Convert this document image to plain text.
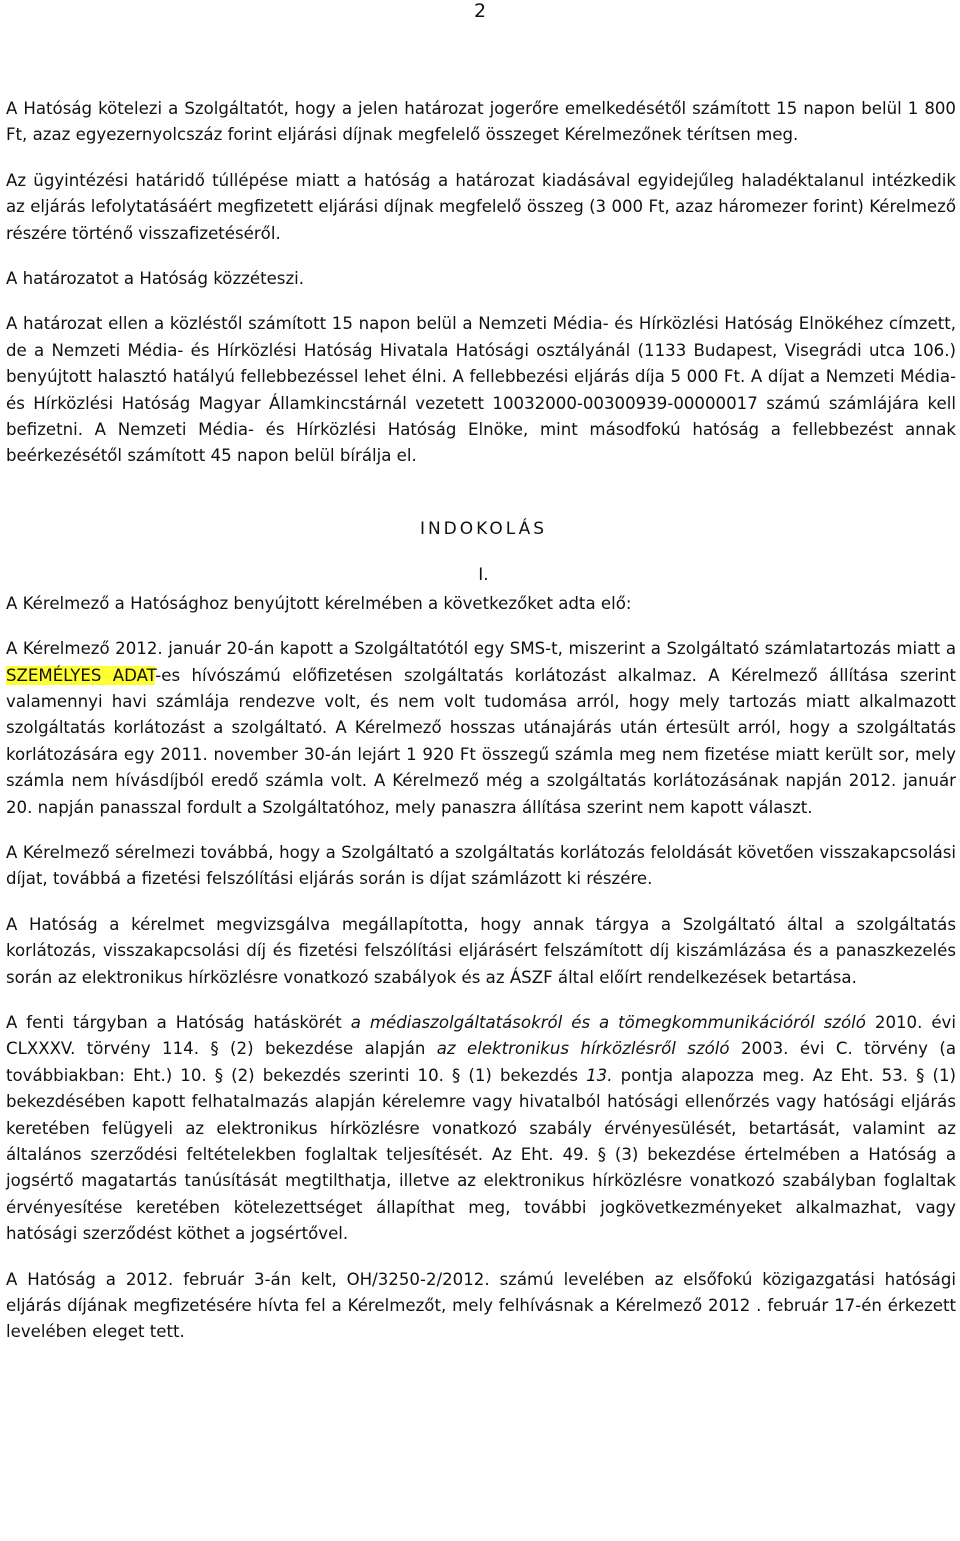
2

A Hatóság kötelezi a Szolgáltatót, hogy a jelen határozat jogerőre emelkedésétől számított 15 napon belül 1 800 Ft, azaz egyezernyolcszáz forint eljárási díjnak megfelelő összeget Kérelmezőnek térítsen meg.

Az ügyintézési határidő túllépése miatt a hatóság a határozat kiadásával egyidejűleg haladéktalanul intézkedik az eljárás lefolytatásáért megfizetett eljárási díjnak megfelelő összeg (3 000 Ft, azaz háromezer forint) Kérelmező részére történő visszafizetéséről.

A határozatot a Hatóság közzéteszi.

A határozat ellen a közléstől számított 15 napon belül a Nemzeti Média- és Hírközlési Hatóság Elnökéhez címzett, de a Nemzeti Média- és Hírközlési Hatóság Hivatala Hatósági osztályánál (1133 Budapest, Visegrádi utca 106.) benyújtott halasztó hatályú fellebbezéssel lehet élni. A fellebbezési eljárás díja 5 000 Ft. A díjat a Nemzeti Média- és Hírközlési Hatóság Magyar Államkincstárnál vezetett 10032000-00300939-00000017 számú számlájára kell befizetni. A Nemzeti Média- és Hírközlési Hatóság Elnöke, mint másodfokú hatóság a fellebbezést annak beérkezésétől számított 45 napon belül bírálja el.

INDOKOLÁS
I.

A Kérelmező a Hatósághoz benyújtott kérelmében a következőket adta elő:

A Kérelmező 2012. január 20-án kapott a Szolgáltatótól egy SMS-t, miszerint a Szolgáltató számlatartozás miatt a SZEMÉLYES ADAT-es hívószámú előfizetésen szolgáltatás korlátozást alkalmaz. A Kérelmező állítása szerint valamennyi havi számlája rendezve volt, és nem volt tudomása arról, hogy mely tartozás miatt alkalmazott szolgáltatás korlátozást a szolgáltató. A Kérelmező hosszas utánajárás után értesült arról, hogy a szolgáltatás korlátozására egy 2011. november 30-án lejárt 1 920 Ft összegű számla meg nem fizetése miatt került sor, mely számla nem hívásdíjból eredő számla volt. A Kérelmező még a szolgáltatás korlátozásának napján 2012. január 20. napján panasszal fordult a Szolgáltatóhoz, mely panaszra állítása szerint nem kapott választ.

A Kérelmező sérelmezi továbbá, hogy a Szolgáltató a szolgáltatás korlátozás feloldását követően visszakapcsolási díjat, továbbá a fizetési felszólítási eljárás során is díjat számlázott ki részére.

A Hatóság a kérelmet megvizsgálva megállapította, hogy annak tárgya a Szolgáltató által a szolgáltatás korlátozás, visszakapcsolási díj és fizetési felszólítási eljárásért felszámított díj kiszámlázása és a panaszkezelés során az elektronikus hírközlésre vonatkozó szabályok és az ÁSZF által előírt rendelkezések betartása.

A fenti tárgyban a Hatóság hatáskörét a médiaszolgáltatásokról és a tömegkommunikációról szóló 2010. évi CLXXXV. törvény 114. § (2) bekezdése alapján az elektronikus hírközlésről szóló 2003. évi C. törvény (a továbbiakban: Eht.) 10. § (2) bekezdés szerinti 10. § (1) bekezdés 13. pontja alapozza meg. Az Eht. 53. § (1) bekezdésében kapott felhatalmazás alapján kérelemre vagy hivatalból hatósági ellenőrzés vagy hatósági eljárás keretében felügyeli az elektronikus hírközlésre vonatkozó szabály érvényesülését, betartását, valamint az általános szerződési feltételekben foglaltak teljesítését. Az Eht. 49. § (3) bekezdése értelmében a Hatóság a jogsértő magatartás tanúsítását megtilthatja, illetve az elektronikus hírközlésre vonatkozó szabályban foglaltak érvényesítése keretében kötelezettséget állapíthat meg, további jogkövetkezményeket alkalmazhat, vagy hatósági szerződést köthet a jogsértővel.

A Hatóság a 2012. február 3-án kelt, OH/3250-2/2012. számú levelében az elsőfokú közigazgatási hatósági eljárás díjának megfizetésére hívta fel a Kérelmezőt, mely felhívásnak a Kérelmező 2012 . február 17-én érkezett levelében eleget tett.
